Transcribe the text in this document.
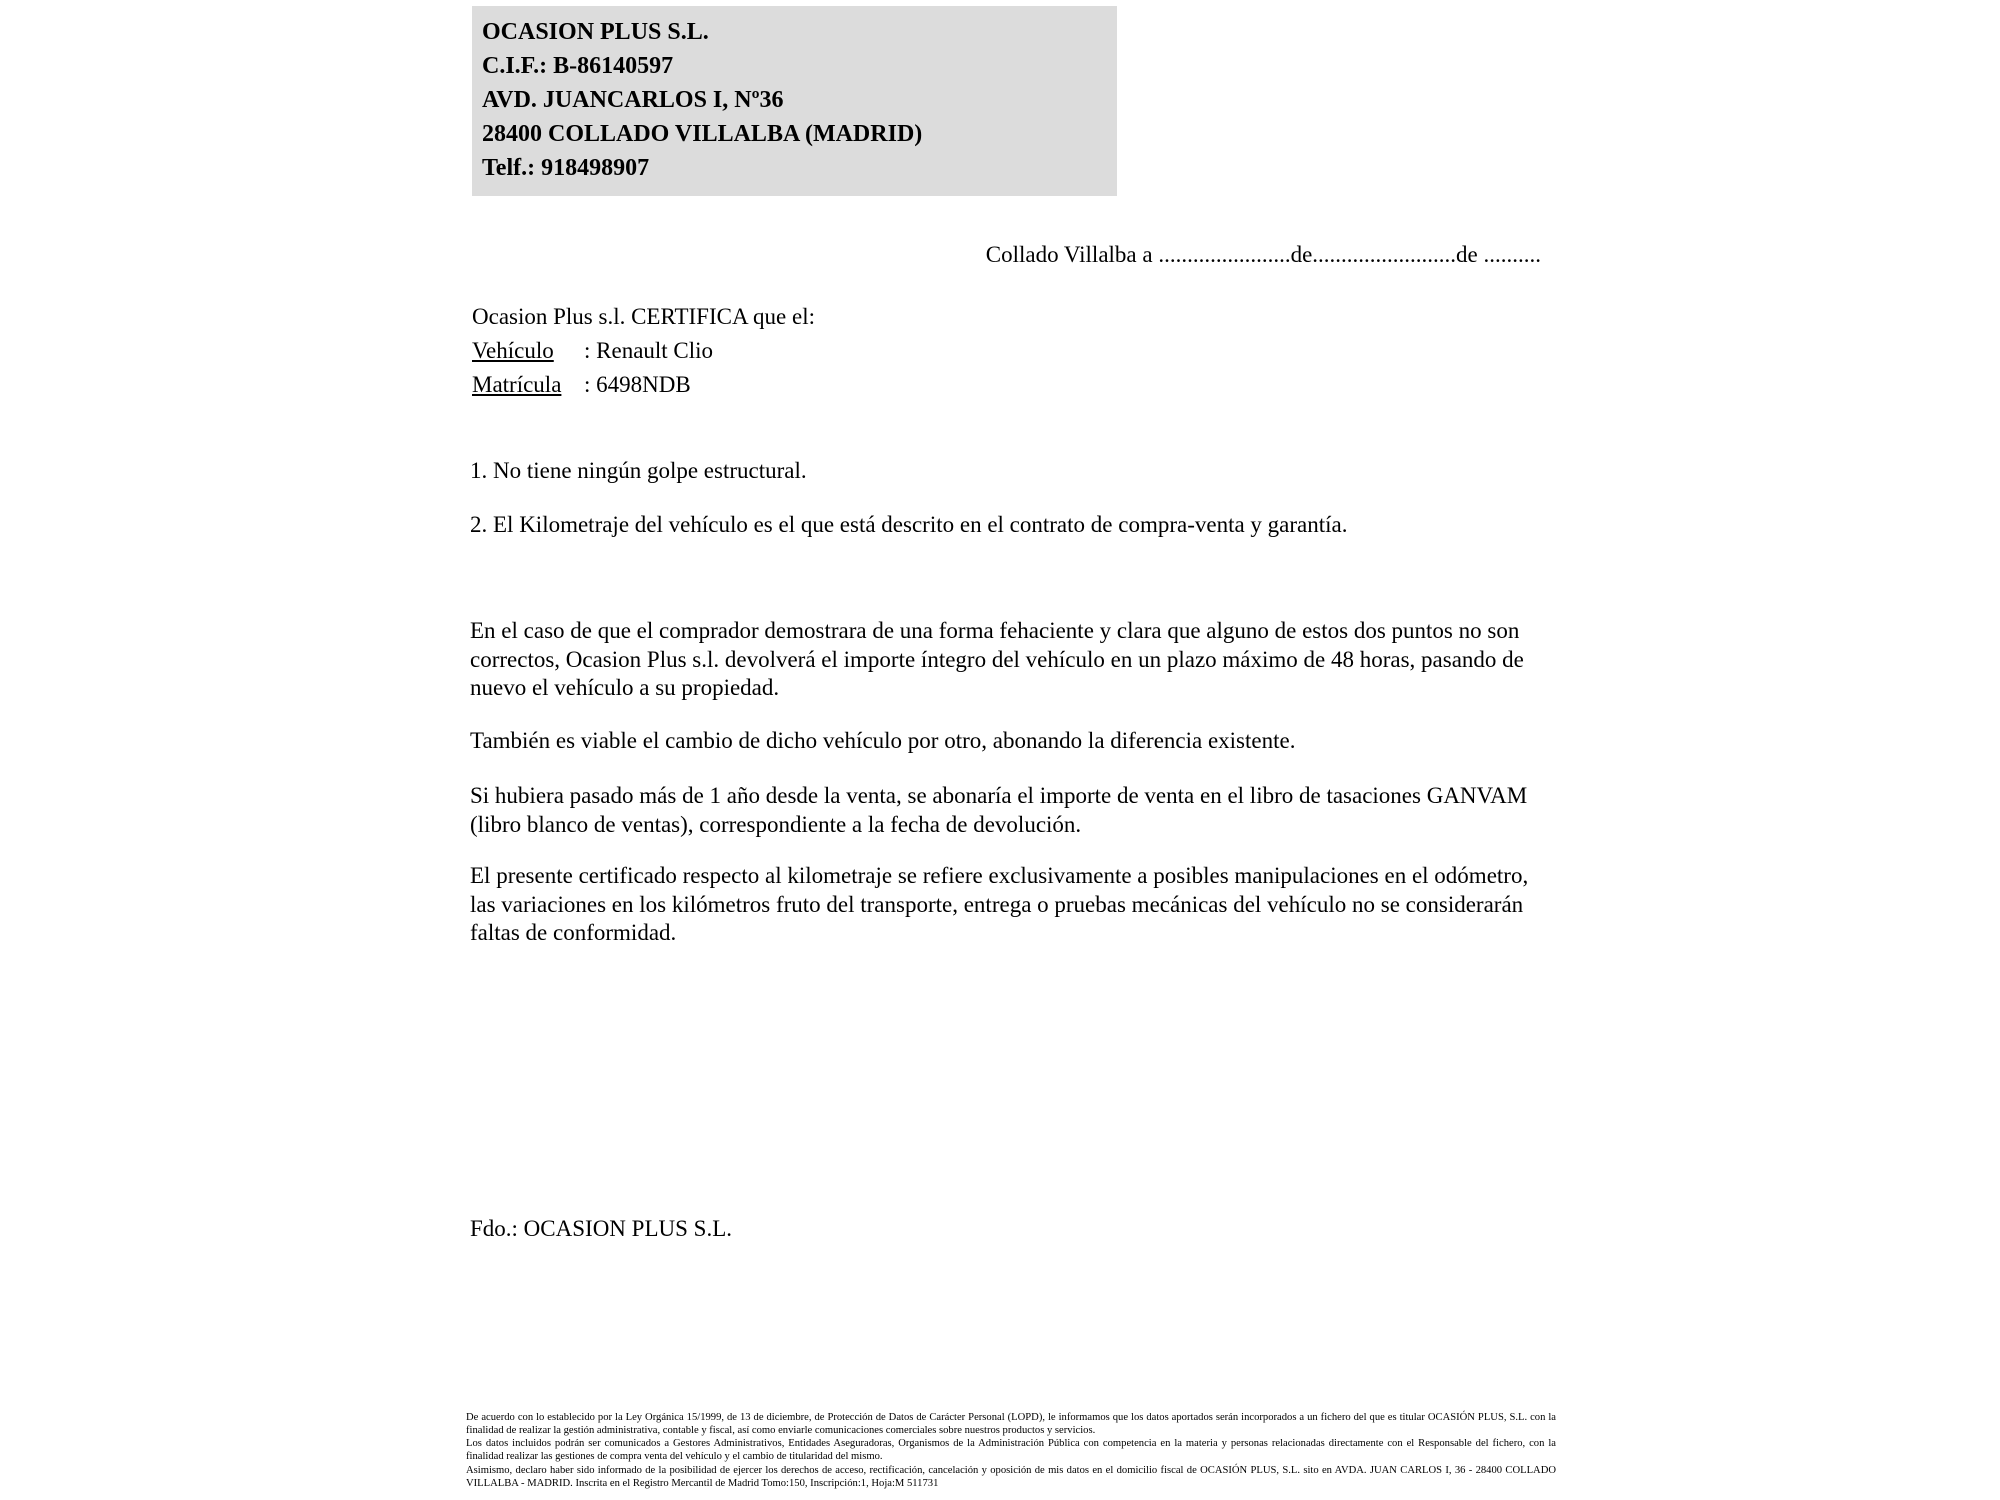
OCASION PLUS S.L.
C.I.F.: B-86140597
AVD. JUANCARLOS I, Nº36
28400 COLLADO VILLALBA (MADRID)
Telf.: 918498907
Collado Villalba a .......................de.........................de ..........
Ocasion Plus s.l. CERTIFICA que el:
Vehículo : Renault Clio
Matrícula : 6498NDB
1. No tiene ningún golpe estructural.
2. El Kilometraje del vehículo es el que está descrito en el contrato de compra-venta y garantía.
En el caso de que el comprador demostrara de una forma fehaciente y clara que alguno de estos dos puntos no son correctos, Ocasion Plus s.l. devolverá el importe íntegro del vehículo en un plazo máximo de 48 horas, pasando de nuevo el vehículo a su propiedad.
También es viable el cambio de dicho vehículo por otro, abonando la diferencia existente.
Si hubiera pasado más de 1 año desde la venta, se abonaría el importe de venta en el libro de tasaciones GANVAM (libro blanco de ventas), correspondiente a la fecha de devolución.
El presente certificado respecto al kilometraje se refiere exclusivamente a posibles manipulaciones en el odómetro, las variaciones en los kilómetros fruto del transporte, entrega o pruebas mecánicas del vehículo no se considerarán faltas de conformidad.
Fdo.: OCASION PLUS S.L.

De acuerdo con lo establecido por la Ley Orgánica 15/1999, de 13 de diciembre, de Protección de Datos de Carácter Personal (LOPD), le informamos que los datos aportados serán incorporados a un fichero del que es titular OCASIÓN PLUS, S.L. con la finalidad de realizar la gestión administrativa, contable y fiscal, así como enviarle comunicaciones comerciales sobre nuestros productos y servicios.

Los datos incluidos podrán ser comunicados a Gestores Administrativos, Entidades Aseguradoras, Organismos de la Administración Pública con competencia en la materia y personas relacionadas directamente con el Responsable del fichero, con la finalidad realizar las gestiones de compra venta del vehículo y el cambio de titularidad del mismo.

Asimismo, declaro haber sido informado de la posibilidad de ejercer los derechos de acceso, rectificación, cancelación y oposición de mis datos en el domicilio fiscal de OCASIÓN PLUS, S.L. sito en AVDA. JUAN CARLOS I, 36 - 28400 COLLADO VILLALBA - MADRID. Inscrita en el Registro Mercantil de Madrid Tomo:150, Inscripción:1, Hoja:M 511731
